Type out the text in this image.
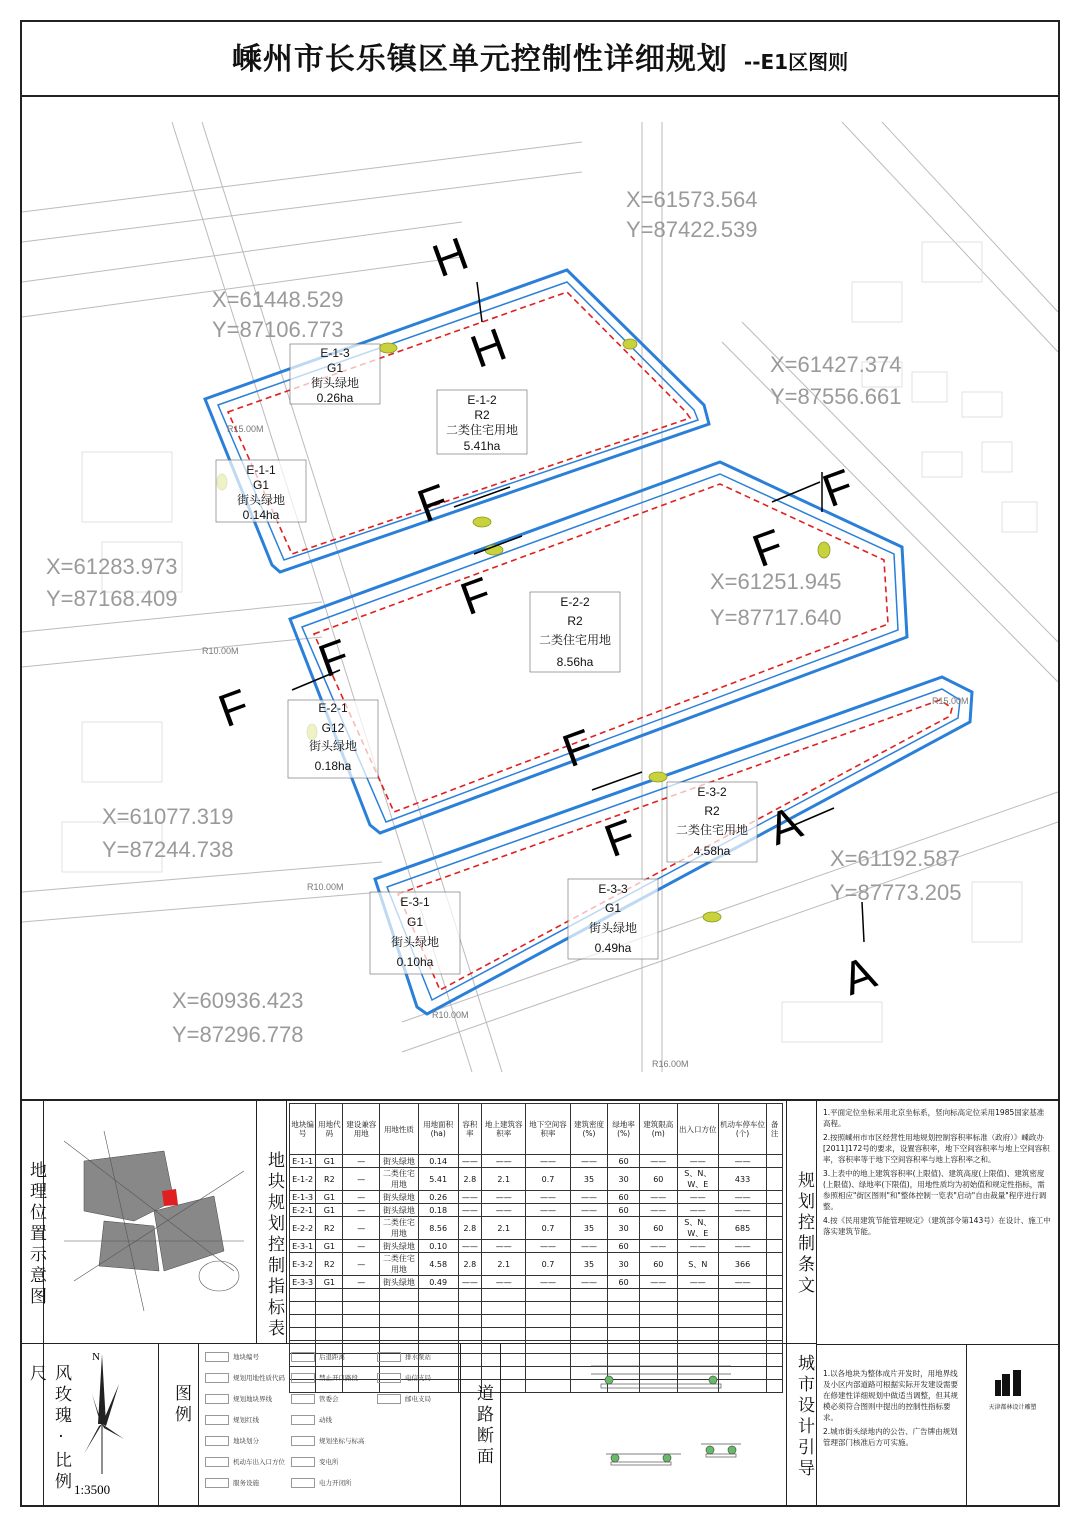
嵊州市长乐镇区单元控制性详细规划 --E1区图则
X=61573.564
Y=87422.539
X=61448.529
Y=87106.773
X=61427.374
Y=87556.661
X=61283.973
Y=87168.409
X=61251.945
Y=87717.640
X=61077.319
Y=87244.738	X=61192.587
Y=87773.205
X=60936.423
Y=87296.778
R15.00M
R10.00M
R15.00M
R10.00M
R10.00M
R16.00M
E-1-3
G1
街头绿地
0.26ha	E-1-2
R2
二类住宅用地
5.41ha
E-1-1
G1
街头绿地
0.14ha
E-2-2
R2
二类住宅用地
8.56ha
E-2-1
G12
街头绿地
0.18ha
E-3-2
R2
二类住宅用地
4.58ha
E-3-3
G1
街头绿地
0.49ha
E-3-1
G1
街头绿地
0.10ha
H
H
F
F
F
F
F
F
F
F
A
A
地理位置示意图	地块规划控制指标表
地块编号	用地代码	建设兼容用地	用地性质	用地面积(ha)	容积率	地上建筑容积率	地下空间容积率	建筑密度(%)	绿地率(%)	建筑限高(m)	出入口方位	机动车停车位(个)	备注
E-1-1	G1	—	街头绿地	0.14	——	——	——	——	60	——	——	——	
E-1-2	R2	—	二类住宅用地	5.41	2.8	2.1	0.7	35	30	60	S、N、W、E	433	
E-1-3	G1	—	街头绿地	0.26	——	——	——	——	60	——	——	——	
E-2-1	G1	—	街头绿地	0.18	——	——	——	——	60	——	——	——	
E-2-2	R2	—	二类住宅用地	8.56	2.8	2.1	0.7	35	30	60	S、N、W、E	685	
E-3-1	G1	—	街头绿地	0.10	——	——	——	——	60	——	——	——	
E-3-2	R2	—	二类住宅用地	4.58	2.8	2.1	0.7	35	30	60	S、N	366	
E-3-3	G1	—	街头绿地	0.49	——	——	——	——	60	——	——	——	

														规划控制条文

1.平面定位坐标采用北京坐标系，竖向标高定位采用1985国家基准高程。

2.按照嵊州市市区经营性用地规划控制容积率标准（政府）》嵊政办[2011]172号的要求，设置容积率，地下空间容积率与地上空间容积率，容积率等于地下空间容积率与地上容积率之和。

3.上表中的地上建筑容积率(上限值)、建筑高度(上限值)、建筑密度(上限值)、绿地率(下限值)，用地性质均为初始值和规定性指标，需参照相应"街区图则"和"整体控制一览表"启动"自由裁量"程序进行调整。

4.按《民用建筑节能管理规定》（建筑部令第143号）在设计、施工中落实建筑节能。

风玫瑰·比例尺
N
1:3500
图例
地块编号
规划用地性质代码
规划地块界线
规划红线
地块划分
机动车出入口方位
服务设施
后退距离
禁止开口路段
管委会
动线
规划坐标与标高
变电所
电力开闭所
排水泵站
电信支局
邮电支局 道路断面	城市设计引导	1.以各地块为整体成片开发时，用地界线及小区内部道路可根据实际开发建设需要在修建性详细规划中做适当调整，但其规模必须符合图则中提出的控制性指标要求。

2.城市街头绿地内的公告、广告牌由规划管理部门核准后方可实施。

天津都林设计雕塑
